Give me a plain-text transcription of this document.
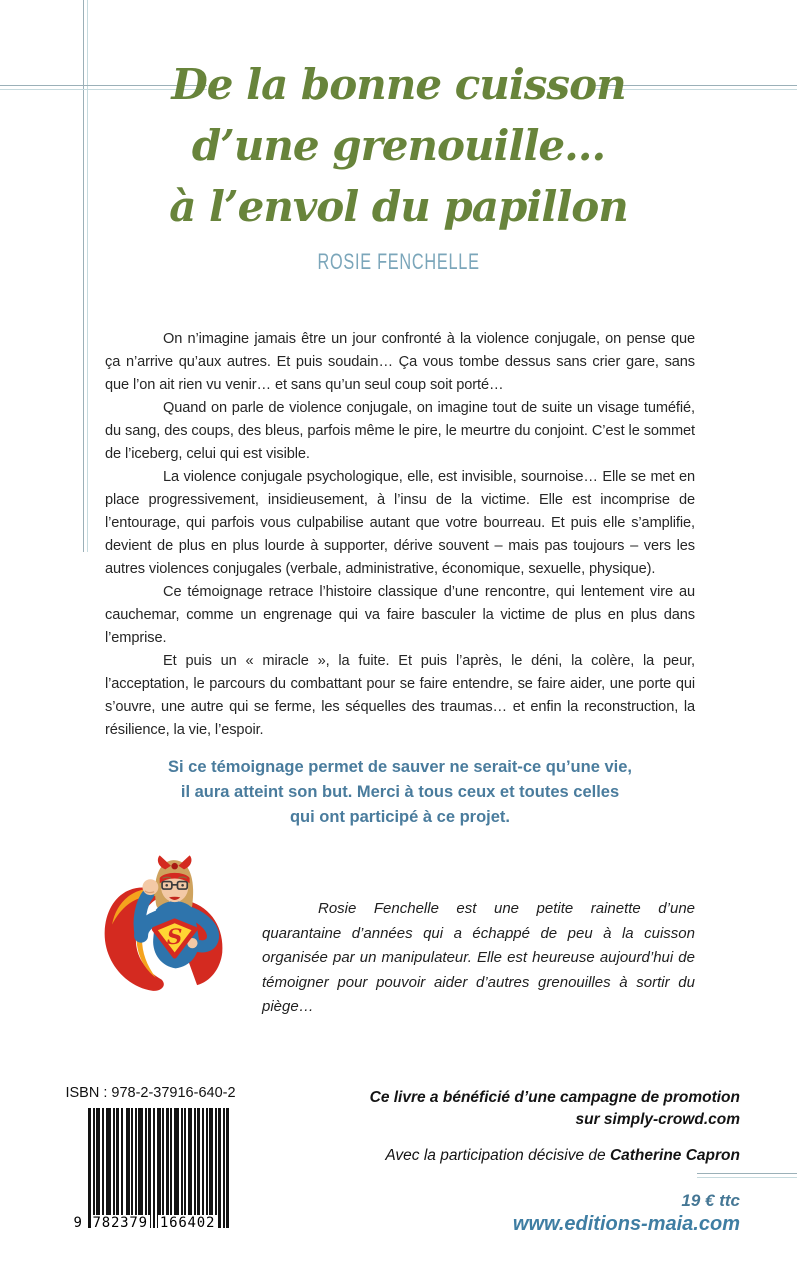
De la bonne cuisson
d’une grenouille…
à l’envol du papillon
ROSIE FENCHELLE

On n’imagine jamais être un jour confronté à la violence conjugale, on pense que ça n’arrive qu’aux autres. Et puis soudain… Ça vous tombe dessus sans crier gare, sans que l’on ait rien vu venir… et sans qu’un seul coup soit porté…

Quand on parle de violence conjugale, on imagine tout de suite un visage tuméfié, du sang, des coups, des bleus, parfois même le pire, le meurtre du conjoint. C’est le sommet de l’iceberg, celui qui est visible.

La violence conjugale psychologique, elle, est invisible, sournoise… Elle se met en place progressivement, insidieusement, à l’insu de la victime. Elle est incomprise de l’entourage, qui parfois vous culpabilise autant que votre bourreau. Et puis elle s’amplifie, devient de plus en plus lourde à supporter, dérive souvent – mais pas toujours – vers les autres violences conjugales (verbale, administrative, économique, sexuelle, physique).

Ce témoignage retrace l’histoire classique d’une rencontre, qui lentement vire au cauchemar, comme un engrenage qui va faire basculer la victime de plus en plus dans l’emprise.

Et puis un « miracle », la fuite. Et puis l’après, le déni, la colère, la peur, l’acceptation, le parcours du combattant pour se faire entendre, se faire aider, une porte qui s’ouvre, une autre qui se ferme, les séquelles des traumas… et enfin la reconstruction, la résilience, la vie, l’espoir.

Si ce témoignage permet de sauver ne serait-ce qu’une vie,
il aura atteint son but. Merci à tous ceux et toutes celles
qui ont participé à ce projet.
S

Rosie Fenchelle est une petite rainette d’une quarantaine d’années qui a échappé de peu à la cuisson organisée par un manipulateur. Elle est heureuse aujourd’hui de témoigner pour pouvoir aider d’autres grenouilles à sortir du piège…

ISBN : 978-2-37916-640-2
9 782379 166402
Ce livre a bénéficié d’une campagne de promotion
sur simply-crowd.com
Avec la participation décisive de Catherine Capron
19 € ttc
www.editions-maia.com
